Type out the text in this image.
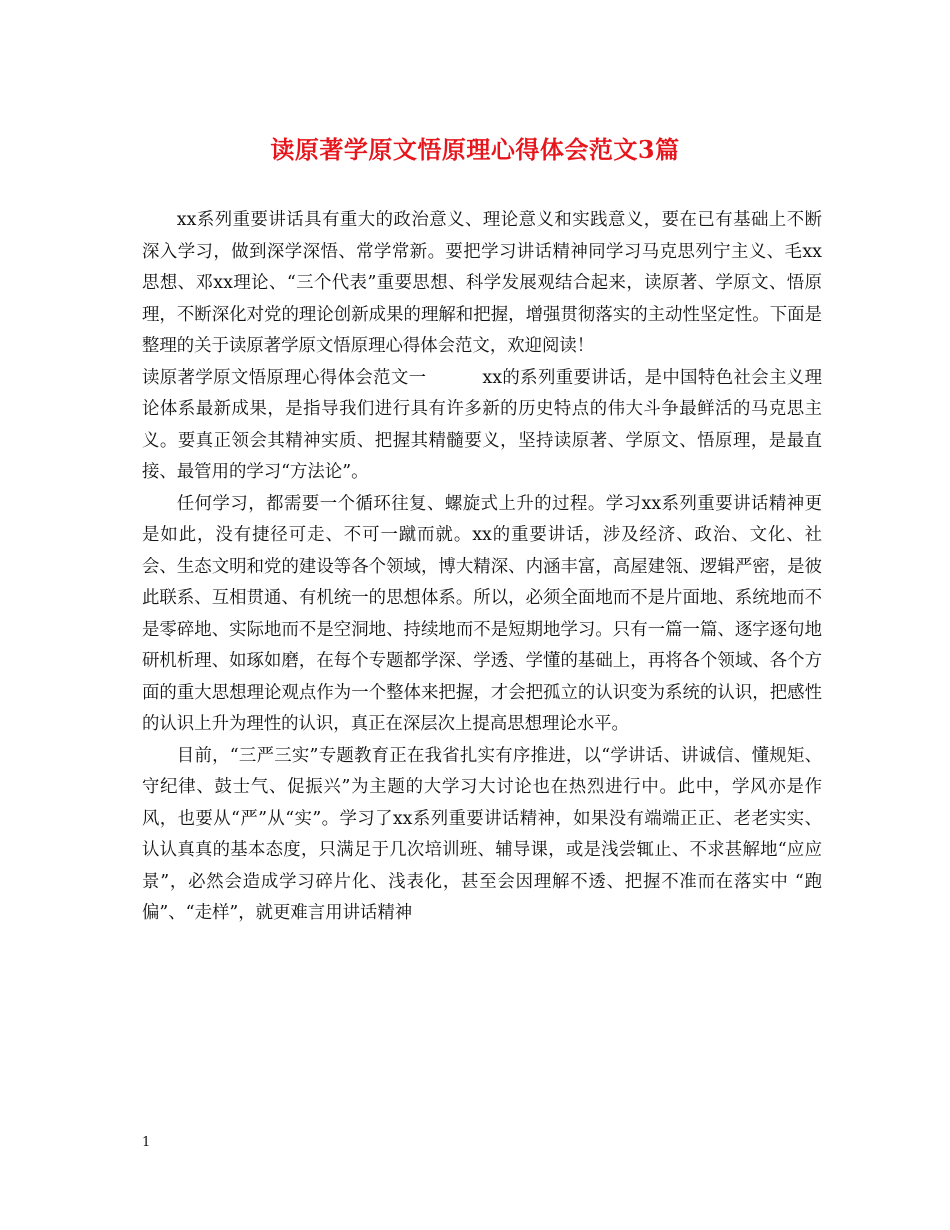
读原著学原文悟原理心得体会范文3篇

xx系列重要讲话具有重大的政治意义、理论意义和实践意义，要在已有基础上不断深入学习，做到深学深悟、常学常新。要把学习讲话精神同学习马克思列宁主义、毛xx思想、邓xx理论、“三个代表”重要思想、科学发展观结合起来，读原著、学原文、悟原理，不断深化对党的理论创新成果的理解和把握，增强贯彻落实的主动性坚定性。下面是整理的关于读原著学原文悟原理心得体会范文，欢迎阅读！

读原著学原文悟原理心得体会范文一	xx的系列重要讲话，是中国特色社会主义理论体系最新成果，是指导我们进行具有许多新的历史特点的伟大斗争最鲜活的马克思主义。要真正领会其精神实质、把握其精髓要义，坚持读原著、学原文、悟原理，是最直接、最管用的学习“方法论”。

任何学习，都需要一个循环往复、螺旋式上升的过程。学习xx系列重要讲话精神更是如此，没有捷径可走、不可一蹴而就。xx的重要讲话，涉及经济、政治、文化、社会、生态文明和党的建设等各个领域，博大精深、内涵丰富，高屋建瓴、逻辑严密，是彼此联系、互相贯通、有机统一的思想体系。所以，必须全面地而不是片面地、系统地而不是零碎地、实际地而不是空洞地、持续地而不是短期地学习。只有一篇一篇、逐字逐句地研机析理、如琢如磨，在每个专题都学深、学透、学懂的基础上，再将各个领域、各个方面的重大思想理论观点作为一个整体来把握，才会把孤立的认识变为系统的认识，把感性的认识上升为理性的认识，真正在深层次上提高思想理论水平。

目前，“三严三实”专题教育正在我省扎实有序推进，以“学讲话、讲诚信、懂规矩、守纪律、鼓士气、促振兴”为主题的大学习大讨论也在热烈进行中。此中，学风亦是作风，也要从“严”从“实”。学习了xx系列重要讲话精神，如果没有端端正正、老老实实、认认真真的基本态度，只满足于几次培训班、辅导课，或是浅尝辄止、不求甚解地“应应景”，必然会造成学习碎片化、浅表化，甚至会因理解不透、把握不准而在落实中 “跑偏”、“走样”，就更难言用讲话精神

1
